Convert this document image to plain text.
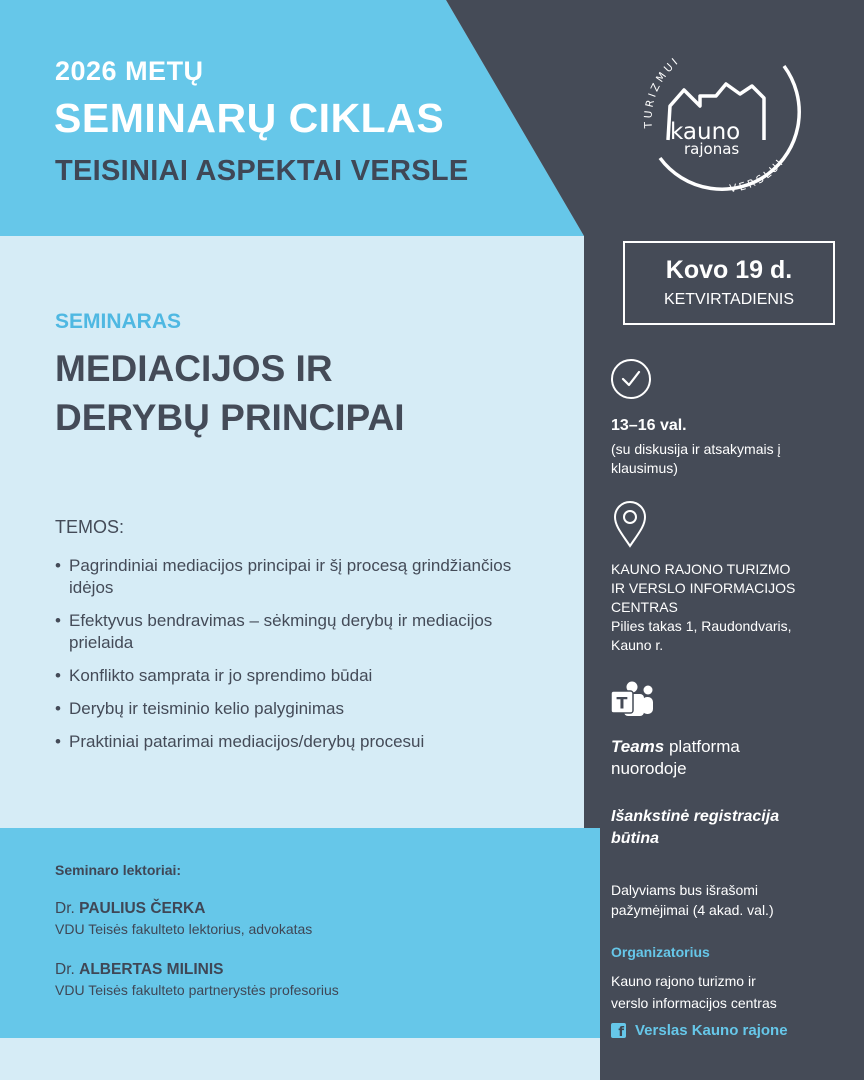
2026 METŲ
SEMINARŲ CIKLAS
TEISINIAI ASPEKTAI VERSLE
TURIZMUI
VERSLUI
kauno
rajonas
SEMINARAS
MEDIACIJOS IR
DERYBŲ PRINCIPAI
TEMOS:
• Pagrindiniai mediacijos principai ir šį procesą grindžiančios idėjos
• Efektyvus bendravimas – sėkmingų derybų ir mediacijos prielaida
• Konflikto samprata ir jo sprendimo būdai
• Derybų ir teisminio kelio palyginimas
• Praktiniai patarimai mediacijos/derybų procesui
Seminaro lektoriai:
Dr. PAULIUS ČERKA
VDU Teisės fakulteto lektorius, advokatas
Dr. ALBERTAS MILINIS
VDU Teisės fakulteto partnerystės profesorius
Kovo 19 d.
KETVIRTADIENIS
13–16 val.
(su diskusija ir atsakymais į klausimus)
KAUNO RAJONO TURIZMO
IR VERSLO INFORMACIJOS
CENTRAS
Pilies takas 1, Raudondvaris,
Kauno r.
T
Teams platforma
nuorodoje
Išankstinė registracija
būtina
Dalyviams bus išrašomi
pažymėjimai (4 akad. val.)
Organizatorius
Kauno rajono turizmo ir
verslo informacijos centras
f Verslas Kauno rajone
